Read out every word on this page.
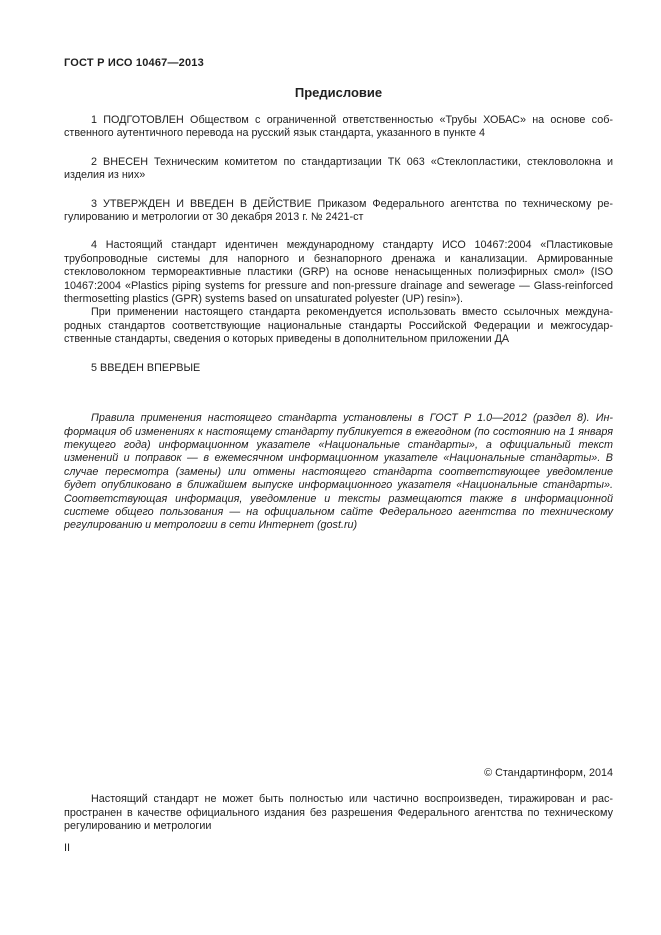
ГОСТ Р ИСО 10467—2013
Предисловие

1 ПОДГОТОВЛЕН Обществом с ограниченной ответственностью «Трубы ХОБАС» на основе собственного аутентичного перевода на русский язык стандарта, указанного в пункте 4

2 ВНЕСЕН Техническим комитетом по стандартизации ТК 063 «Стеклопластики, стекловолокна и изделия из них»

3 УТВЕРЖДЕН И ВВЕДЕН В ДЕЙСТВИЕ Приказом Федерального агентства по техническому регулированию и метрологии от 30 декабря 2013 г. № 2421-ст

4 Настоящий стандарт идентичен международному стандарту ИСО 10467:2004 «Пластиковые трубопроводные системы для напорного и безнапорного дренажа и канализации. Армированные стекловолокном термореактивные пластики (GRP) на основе ненасыщенных полиэфирных смол» (ISO 10467:2004 «Plastics piping systems for pressure and non-pressure drainage and sewerage — Glass-reinforced thermosetting plastics (GPR) systems based on unsaturated polyester (UP) resin»).

При применении настоящего стандарта рекомендуется использовать вместо ссылочных международных стандартов соответствующие национальные стандарты Российской Федерации и межгосударственные стандарты, сведения о которых приведены в дополнительном приложении ДА

5 ВВЕДЕН ВПЕРВЫЕ

Правила применения настоящего стандарта установлены в ГОСТ Р 1.0—2012 (раздел 8). Информация об изменениях к настоящему стандарту публикуется в ежегодном (по состоянию на 1 января текущего года) информационном указателе «Национальные стандарты», а официальный текст изменений и поправок — в ежемесячном информационном указателе «Национальные стандарты». В случае пересмотра (замены) или отмены настоящего стандарта соответствующее уведомление будет опубликовано в ближайшем выпуске информационного указателя «Национальные стандарты». Соответствующая информация, уведомление и тексты размещаются также в информационной системе общего пользования — на официальном сайте Федерального агентства по техническому регулированию и метрологии в сети Интернет (gost.ru)

© Стандартинформ, 2014

Настоящий стандарт не может быть полностью или частично воспроизведен, тиражирован и распространен в качестве официального издания без разрешения Федерального агентства по техническому регулированию и метрологии

II
